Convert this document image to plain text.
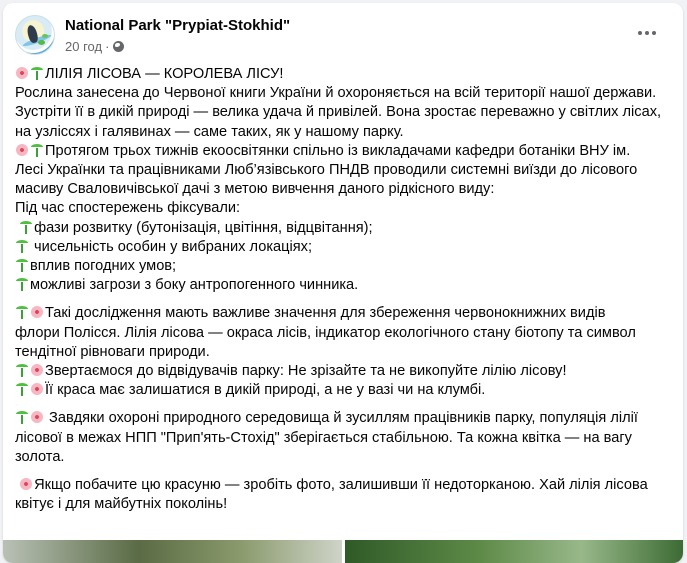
National Park "Prypiat-Stokhid"
20 год ·
ЛІЛІЯ ЛІСОВА — КОРОЛЕВА ЛІСУ!
Рослина занесена до Червоної книги України й охороняється на всій території нашої держави.
Зустріти її в дикій природі — велика удача й привілей. Вона зростає переважно у світлих лісах,
на узліссях і галявинах — саме таких, як у нашому парку.
Протягом трьох тижнів екоосвітянки спільно із викладачами кафедри ботаніки ВНУ ім.
Лесі Українки та працівниками Люб’язівського ПНДВ проводили системні виїзди до лісового
масиву Сваловичівської дачі з метою вивчення даного рідкісного виду:
Під час спостережень фіксували:
фази розвитку (бутонізація, цвітіння, відцвітання);
чисельність особин у вибраних локаціях;
вплив погодних умов;
можливі загрози з боку антропогенного чинника.
Такі дослідження мають важливе значення для збереження червонокнижних видів
флори Полісся. Лілія лісова — окраса лісів, індикатор екологічного стану біотопу та символ
тендітної рівноваги природи.
Звертаємося до відвідувачів парку: Не зрізайте та не викопуйте лілію лісову!
Її краса має залишатися в дикій природі, а не у вазі чи на клумбі.
Завдяки охороні природного середовища й зусиллям працівників парку, популяція лілії
лісової в межах НПП "Прип'ять-Стохід" зберігається стабільною. Та кожна квітка — на вагу
золота.
Якщо побачите цю красуню — зробіть фото, залишивши її недоторканою. Хай лілія лісова
квітує і для майбутніх поколінь!
